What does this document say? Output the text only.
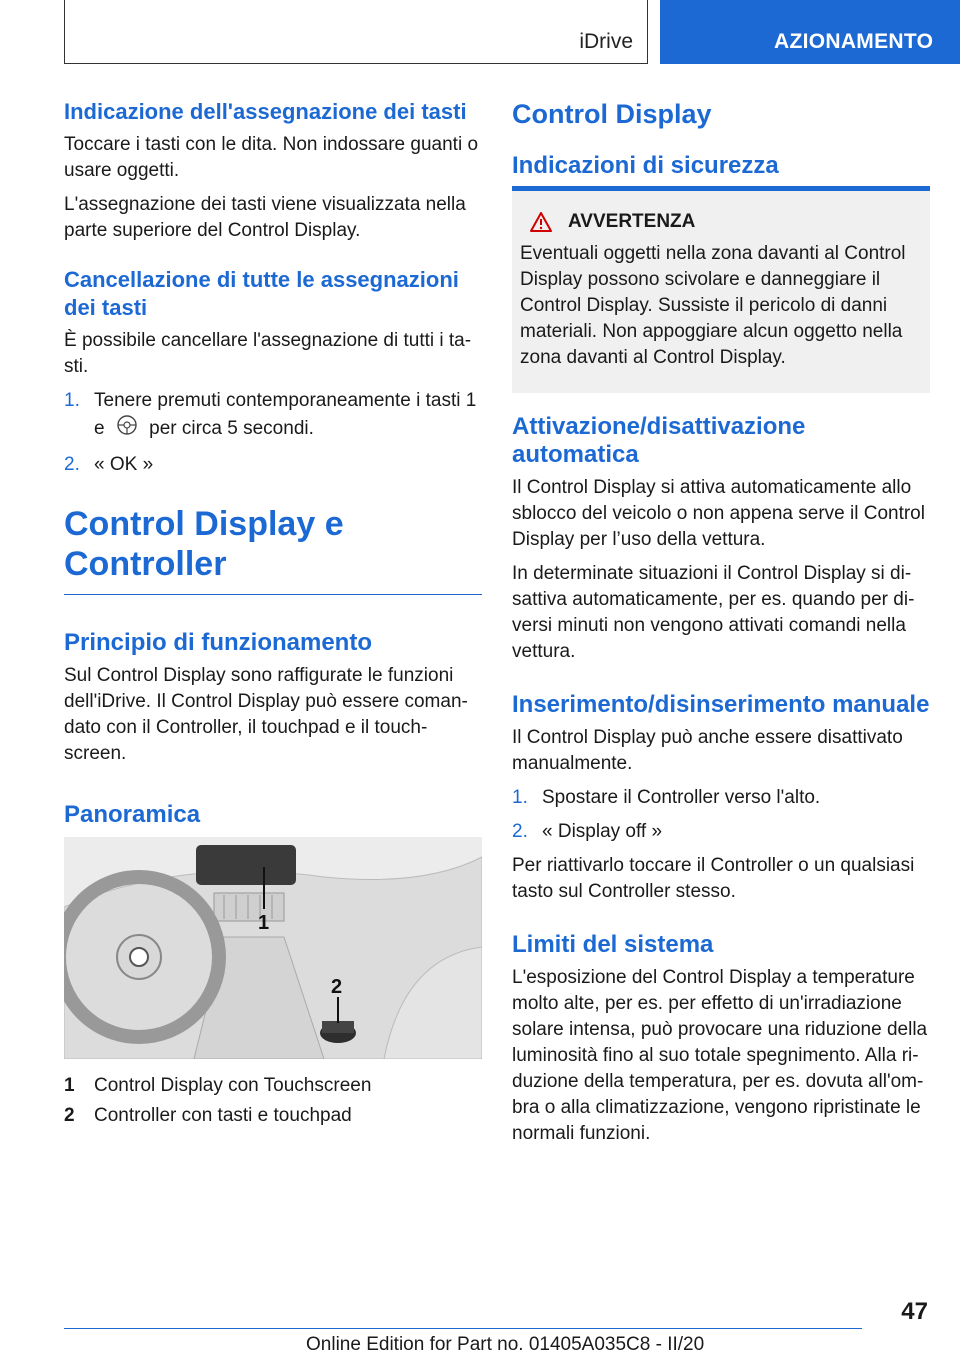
iDrive	AZIONAMENTO
Indicazione dell'assegnazione dei tasti

Toccare i tasti con le dita. Non indossare guanti o usare oggetti.

L'assegnazione dei tasti viene visualizzata nella parte superiore del Control Display.

Cancellazione di tutte le assegnazioni dei tasti

È possibile cancellare l'assegnazione di tutti i ta‐sti.

1. Tenere premuti contemporaneamente i tasti 1 e per circa 5 secondi.
2. « OK »
Control Display e Controller
Principio di funzionamento

Sul Control Display sono raffigurate le funzioni dell'iDrive. Il Control Display può essere coman‐dato con il Controller, il touchpad e il touch‐screen.

Panoramica
1
2
1	Control Display con Touchscreen
2	Controller con tasti e touchpad
Control Display
Indicazioni di sicurezza
AVVERTENZA

Eventuali oggetti nella zona davanti al Control Display possono scivolare e danneggiare il Control Display. Sussiste il pericolo di danni materiali. Non appoggiare alcun oggetto nella zona davanti al Control Display.

Attivazione/disattivazione automatica

Il Control Display si attiva automaticamente allo sblocco del veicolo o non appena serve il Control Display per l’uso della vettura.

In determinate situazioni il Control Display si di‐sattiva automaticamente, per es. quando per di‐versi minuti non vengono attivati comandi nella vettura.

Inserimento/disinserimento manuale

Il Control Display può anche essere disattivato manualmente.

1. Spostare il Controller verso l'alto.
2. « Display off »

Per riattivarlo toccare il Controller o un qualsiasi tasto sul Controller stesso.

Limiti del sistema

L'esposizione del Control Display a temperature molto alte, per es. per effetto di un'irradiazione solare intensa, può provocare una riduzione della luminosità fino al suo totale spegnimento. Alla ri‐duzione della temperatura, per es. dovuta all'om‐bra o alla climatizzazione, vengono ripristinate le normali funzioni.

47
Online Edition for Part no. 01405A035C8 - II/20
